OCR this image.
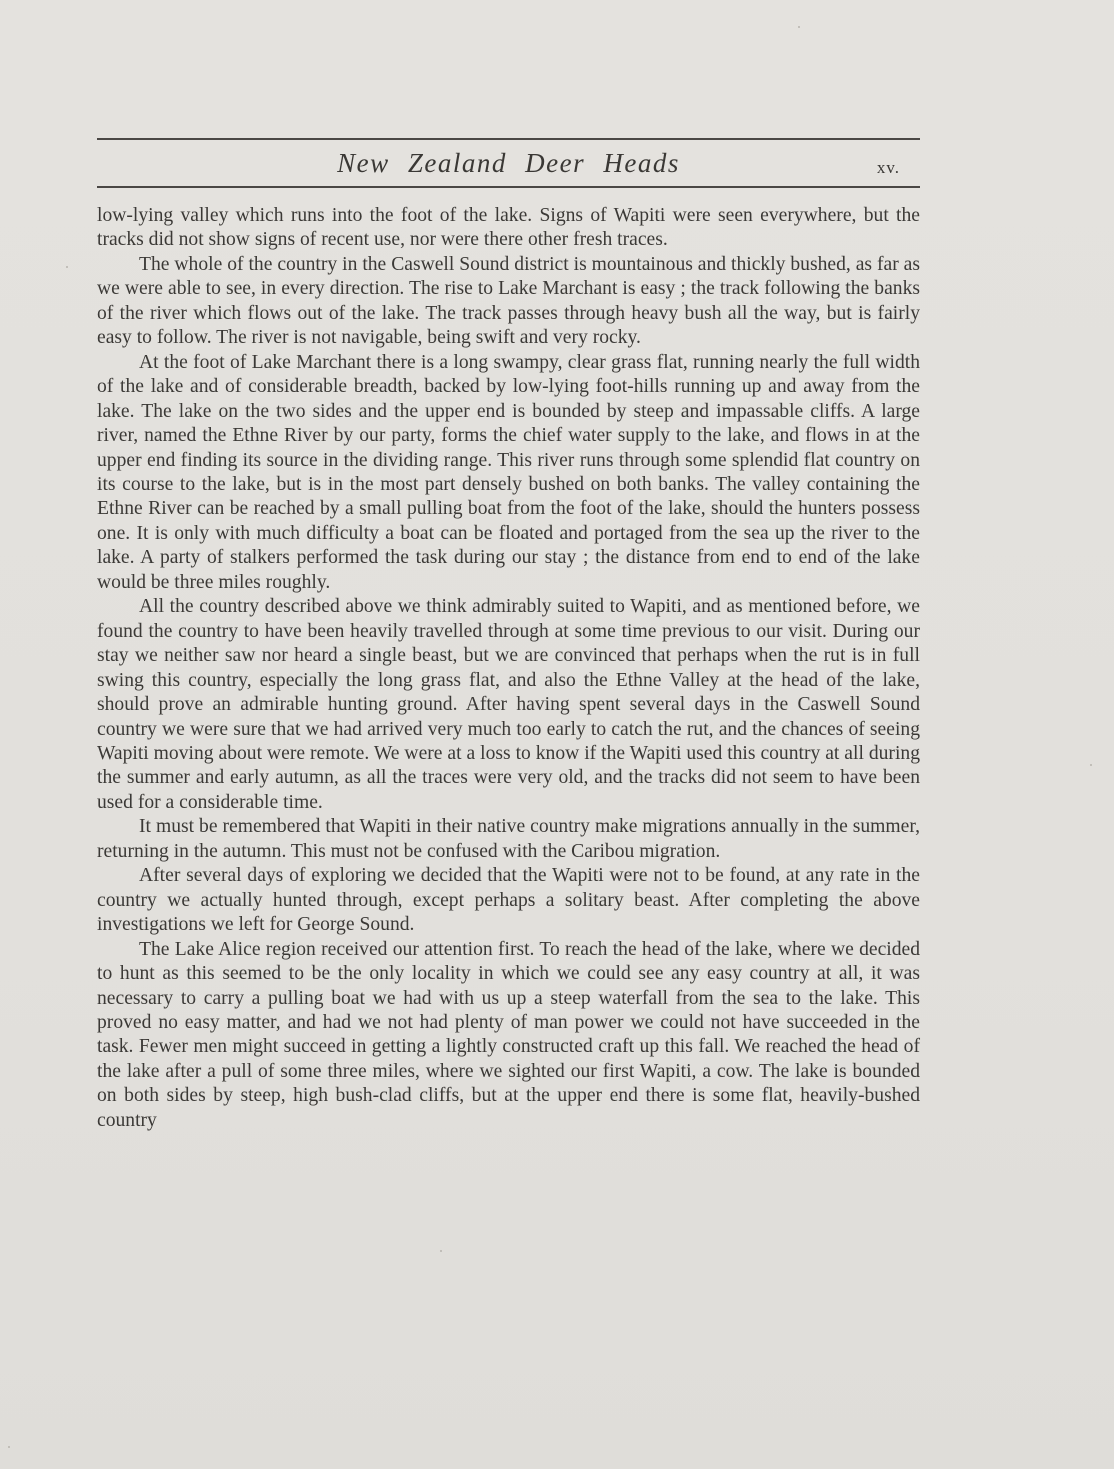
New Zealand Deer Heads	xv.

low-lying valley which runs into the foot of the lake. Signs of Wapiti were seen everywhere, but the tracks did not show signs of recent use, nor were there other fresh traces.

The whole of the country in the Caswell Sound district is mountainous and thickly bushed, as far as we were able to see, in every direction. The rise to Lake Marchant is easy ; the track following the banks of the river which flows out of the lake. The track passes through heavy bush all the way, but is fairly easy to follow. The river is not navigable, being swift and very rocky.

At the foot of Lake Marchant there is a long swampy, clear grass flat, running nearly the full width of the lake and of considerable breadth, backed by low-lying foot-hills running up and away from the lake. The lake on the two sides and the upper end is bounded by steep and impassable cliffs. A large river, named the Ethne River by our party, forms the chief water supply to the lake, and flows in at the upper end finding its source in the dividing range. This river runs through some splendid flat country on its course to the lake, but is in the most part densely bushed on both banks. The valley containing the Ethne River can be reached by a small pulling boat from the foot of the lake, should the hunters possess one. It is only with much difficulty a boat can be floated and portaged from the sea up the river to the lake. A party of stalkers performed the task during our stay ; the distance from end to end of the lake would be three miles roughly.

All the country described above we think admirably suited to Wapiti, and as mentioned before, we found the country to have been heavily travelled through at some time previous to our visit. During our stay we neither saw nor heard a single beast, but we are convinced that perhaps when the rut is in full swing this country, especially the long grass flat, and also the Ethne Valley at the head of the lake, should prove an admirable hunting ground. After having spent several days in the Caswell Sound country we were sure that we had arrived very much too early to catch the rut, and the chances of seeing Wapiti moving about were remote. We were at a loss to know if the Wapiti used this country at all during the summer and early autumn, as all the traces were very old, and the tracks did not seem to have been used for a considerable time.

It must be remembered that Wapiti in their native country make migrations annually in the summer, returning in the autumn. This must not be confused with the Caribou migration.

After several days of exploring we decided that the Wapiti were not to be found, at any rate in the country we actually hunted through, except perhaps a solitary beast. After completing the above investigations we left for George Sound.

The Lake Alice region received our attention first. To reach the head of the lake, where we decided to hunt as this seemed to be the only locality in which we could see any easy country at all, it was necessary to carry a pulling boat we had with us up a steep waterfall from the sea to the lake. This proved no easy matter, and had we not had plenty of man power we could not have succeeded in the task. Fewer men might succeed in getting a lightly constructed craft up this fall. We reached the head of the lake after a pull of some three miles, where we sighted our first Wapiti, a cow. The lake is bounded on both sides by steep, high bush-clad cliffs, but at the upper end there is some flat, heavily-bushed country
